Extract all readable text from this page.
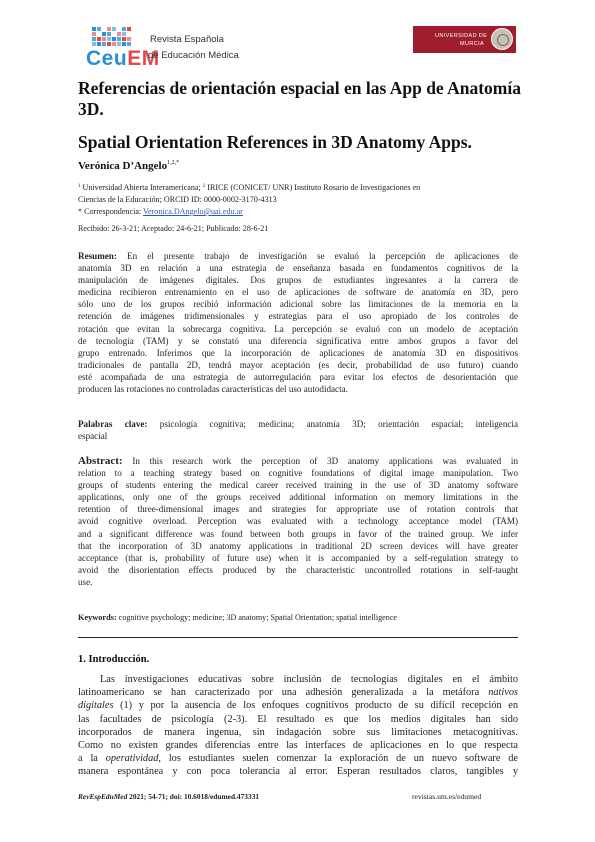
CeuEM
Revista Española
de Educación Médica
UNIVERSIDAD DE
MURCIA
Referencias de orientación espacial en las App de Anatomía 3D.
Spatial Orientation References in 3D Anatomy Apps.
Verónica D’Angelo$^{1,2,*}$
$^1$ Universidad Abierta Interamericana; $^2$ IRICE (CONICET/ UNR) Instituto Rosario de Investigaciones en
Ciencias de la Educación; ORCID ID: 0000-0002-3170-4313
* Correspondencia: Veronica.DAngelo@uai.edu.ar
Recibido: 26-3-21; Aceptado: 24-6-21; Publicado: 28-6-21
Resumen: En el presente trabajo de investigación se evaluó la percepción de aplicaciones de
anatomía 3D en relación a una estrategia de enseñanza basada en fundamentos cognitivos de la
manipulación de imágenes digitales. Dos grupos de estudiantes ingresantes a la carrera de
medicina recibieron entrenamiento en el uso de aplicaciones de software de anatomía en 3D, pero
sólo uno de los grupos recibió información adicional sobre las limitaciones de la memoria en la
retención de imágenes tridimensionales y estrategias para el uso apropiado de los controles de
rotación que evitan la sobrecarga cognitiva. La percepción se evaluó con un modelo de aceptación
de tecnología (TAM) y se constató una diferencia significativa entre ambos grupos a favor del
grupo entrenado. Inferimos que la incorporación de aplicaciones de anatomía 3D en dispositivos
tradicionales de pantalla 2D, tendrá mayor aceptación (es decir, probabilidad de uso futuro) cuando
esté acompañada de una estrategia de autorregulación para evitar los efectos de desorientación que
producen las rotaciones no controladas características del uso autodidacta.
Palabras clave: psicología cognitiva; medicina; anatomía 3D; orientación espacial; inteligencia
espacial
Abstract: In this research work the perception of 3D anatomy applications was evaluated in
relation to a teaching strategy based on cognitive foundations of digital image manipulation. Two
groups of students entering the medical career received training in the use of 3D anatomy software
applications, only one of the groups received additional information on memory limitations in the
retention of three-dimensional images and strategies for appropriate use of rotation controls that
avoid cognitive overload. Perception was evaluated with a technology acceptance model (TAM)
and a significant difference was found between both groups in favor of the trained group. We infer
that the incorporation of 3D anatomy applications in traditional 2D screen devices will have greater
acceptance (that is, probability of future use) when it is accompanied by a self-regulation strategy to
avoid the disorientation effects produced by the characteristic uncontrolled rotations in self-taught
use.
Keywords: cognitive psychology; medicine; 3D anatomy; Spatial Orientation; spatial intelligence
1. Introducción.
Las investigaciones educativas sobre inclusión de tecnologías digitales en el ámbito
latinoamericano se han caracterizado por una adhesión generalizada a la metáfora nativos
digitales (1) y por la ausencia de los enfoques cognitivos producto de su difícil recepción en
las facultades de psicología (2-3). El resultado es que los medios digitales han sido
incorporados de manera ingenua, sin indagación sobre sus limitaciones metacognitivas.
Como no existen grandes diferencias entre las interfaces de aplicaciones en lo que respecta
a la operatividad, los estudiantes suelen comenzar la exploración de un nuevo software de
manera espontánea y con poca tolerancia al error. Esperan resultados claros, tangibles y
RevEspEduMed 2021; 54-71; doi: 10.6018/edumed.473331	revistas.um.es/edumed
